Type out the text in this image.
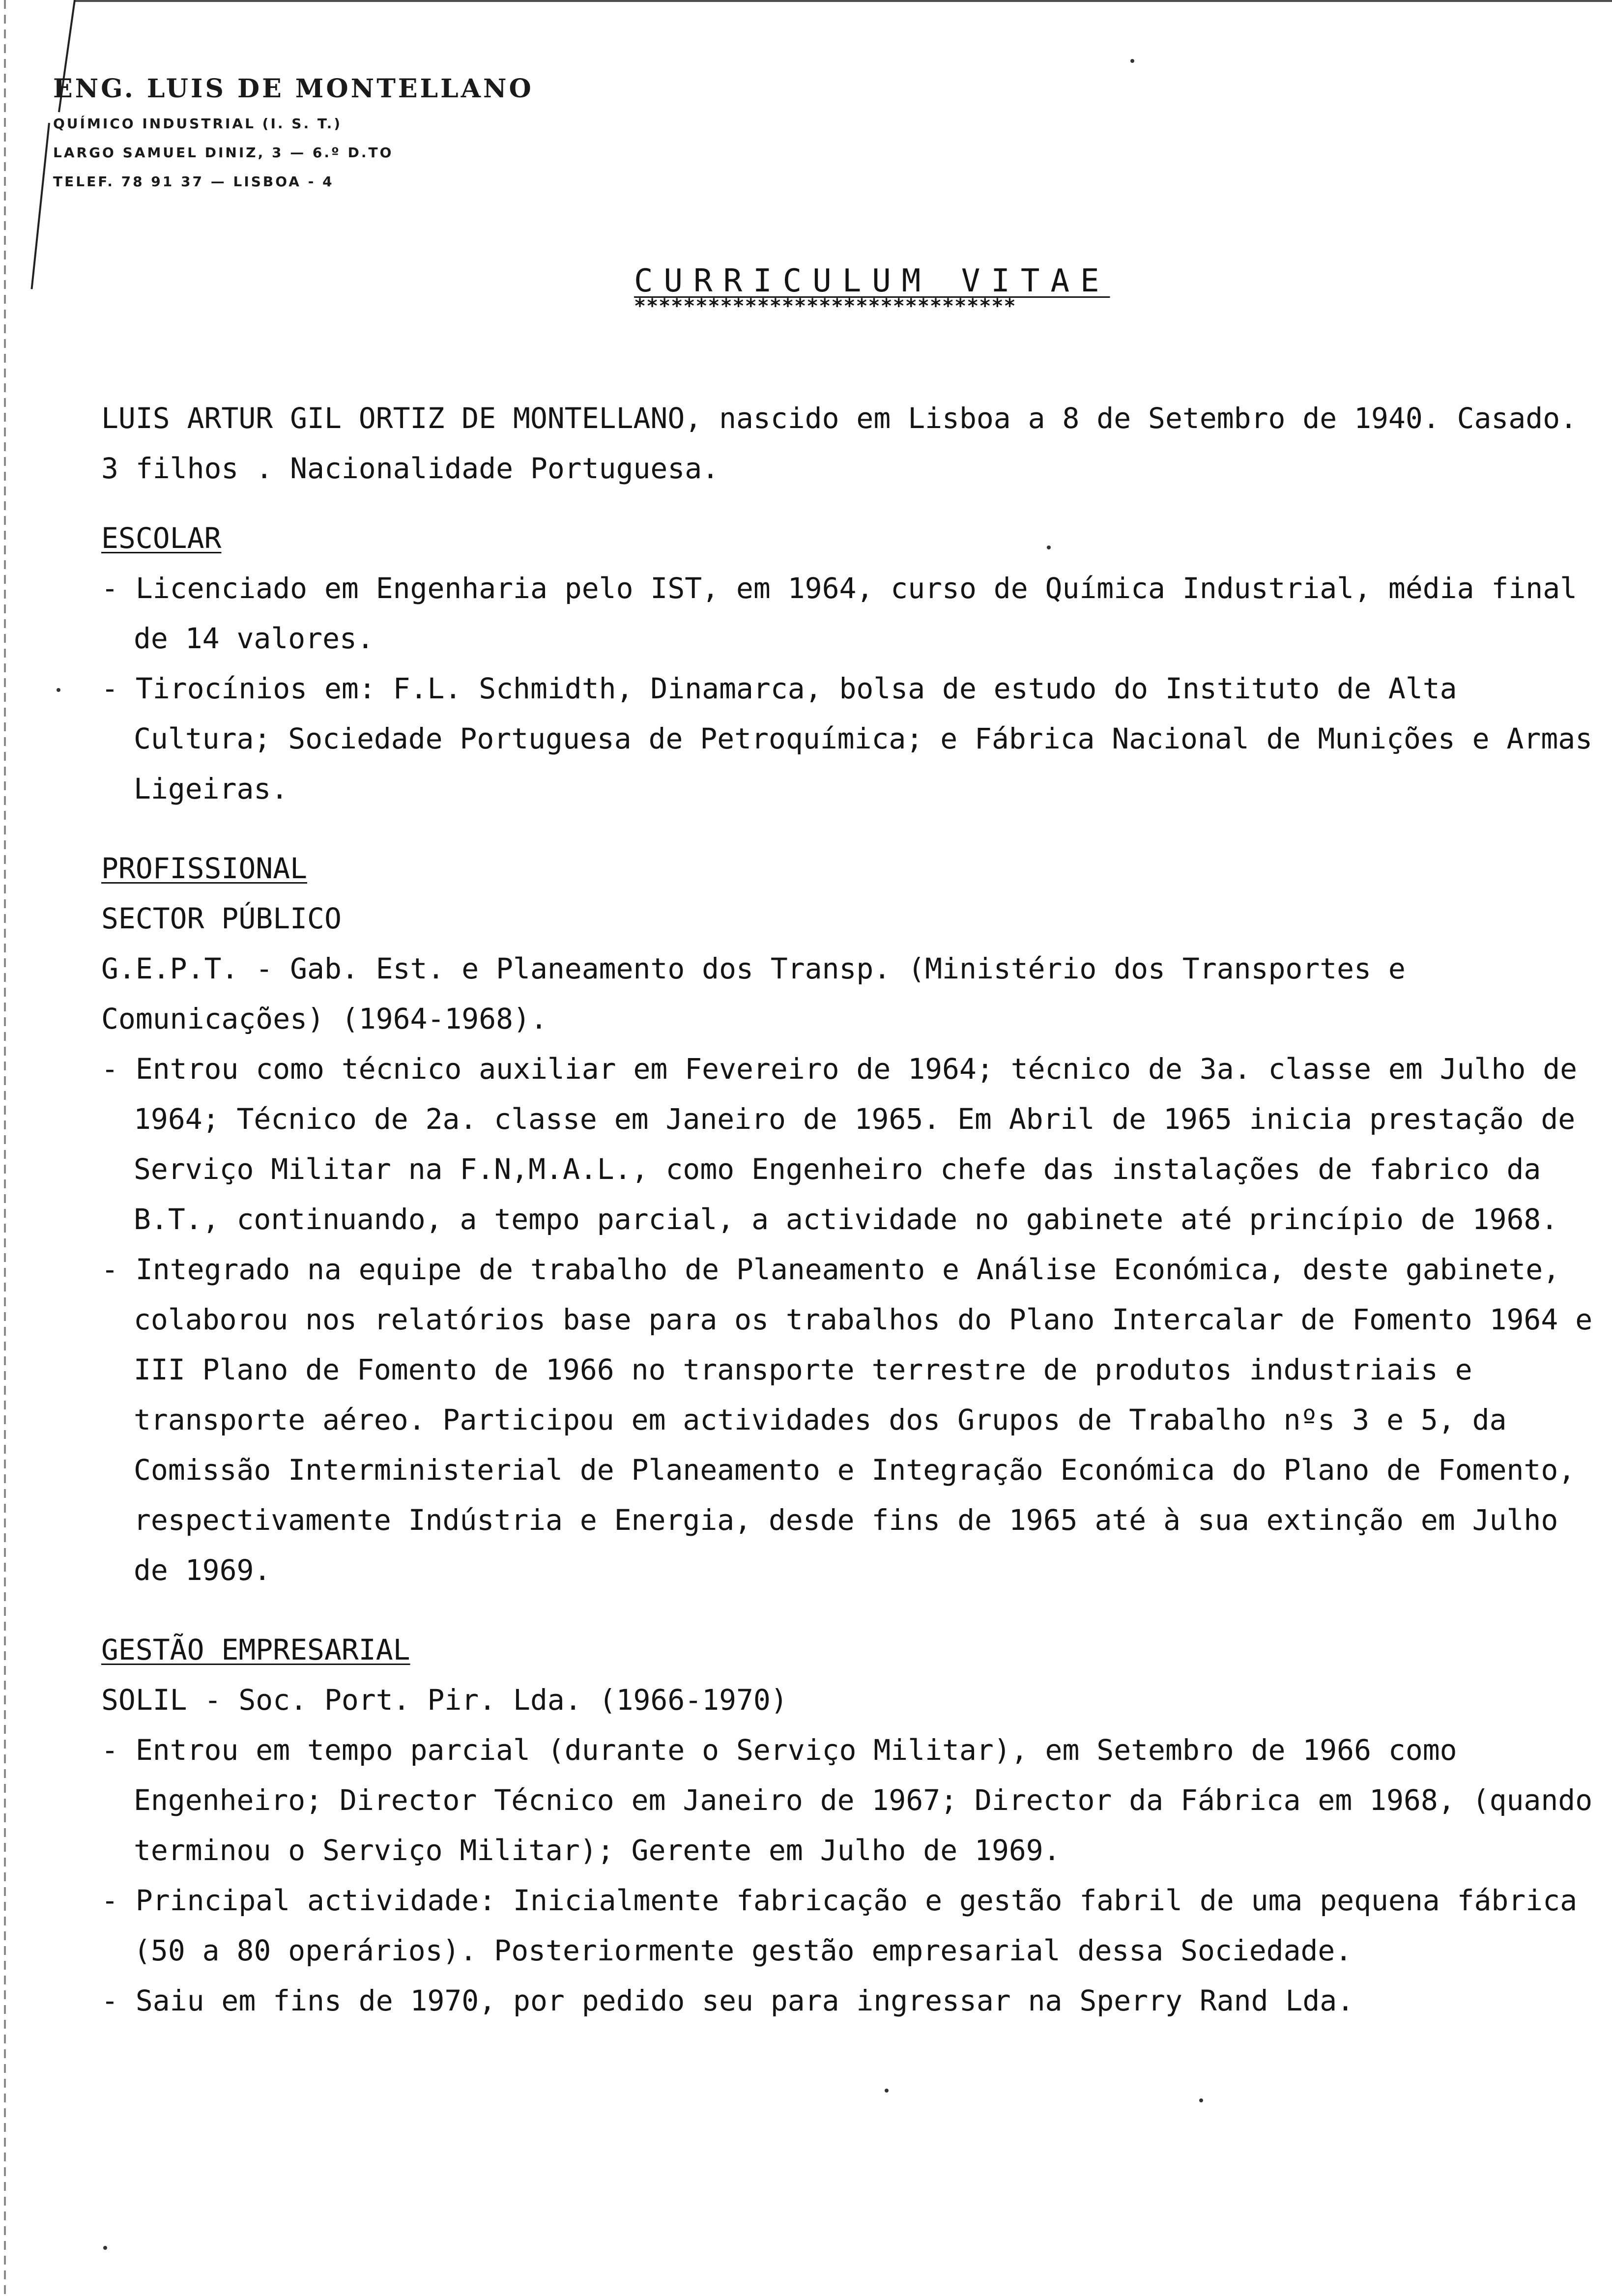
ENG. LUIS DE MONTELLANO
QUÍMICO INDUSTRIAL (I. S. T.)
LARGO SAMUEL DINIZ, 3 — 6.º D.TO
TELEF. 78 91 37 — LISBOA - 4
CURRICULUM VITAE
*******************************

LUIS ARTUR GIL ORTIZ DE MONTELLANO, nascido em Lisboa a 8 de Setembro de 1940. Casado.

3 filhos . Nacionalidade Portuguesa.

ESCOLAR

- Licenciado em Engenharia pelo IST, em 1964, curso de Química Industrial, média final de 14 valores.

- Tirocínios em: F.L. Schmidth, Dinamarca, bolsa de estudo do Instituto de Alta Cultura; Sociedade Portuguesa de Petroquímica; e Fábrica Nacional de Munições e Armas Ligeiras.

PROFISSIONAL

SECTOR PÚBLICO

G.E.P.T. - Gab. Est. e Planeamento dos Transp. (Ministério dos Transportes e Comunicações) (1964-1968).

- Entrou como técnico auxiliar em Fevereiro de 1964; técnico de 3a. classe em Julho de 1964; Técnico de 2a. classe em Janeiro de 1965. Em Abril de 1965 inicia prestação de Serviço Militar na F.N,M.A.L., como Engenheiro chefe das instalações de fabrico da B.T., continuando, a tempo parcial, a actividade no gabinete até princípio de 1968.

- Integrado na equipe de trabalho de Planeamento e Análise Económica, deste gabinete, colaborou nos relatórios base para os trabalhos do Plano Intercalar de Fomento 1964 e III Plano de Fomento de 1966 no transporte terrestre de produtos industriais e transporte aéreo. Participou em actividades dos Grupos de Trabalho nºs 3 e 5, da Comissão Interministerial de Planeamento e Integração Económica do Plano de Fomento, respectivamente Indústria e Energia, desde fins de 1965 até à sua extinção em Julho de 1969.

GESTÃO EMPRESARIAL

SOLIL - Soc. Port. Pir. Lda. (1966-1970)

- Entrou em tempo parcial (durante o Serviço Militar), em Setembro de 1966 como Engenheiro; Director Técnico em Janeiro de 1967; Director da Fábrica em 1968, (quando terminou o Serviço Militar); Gerente em Julho de 1969.

- Principal actividade: Inicialmente fabricação e gestão fabril de uma pequena fábrica (50 a 80 operários). Posteriormente gestão empresarial dessa Sociedade.

- Saiu em fins de 1970, por pedido seu para ingressar na Sperry Rand Lda.
